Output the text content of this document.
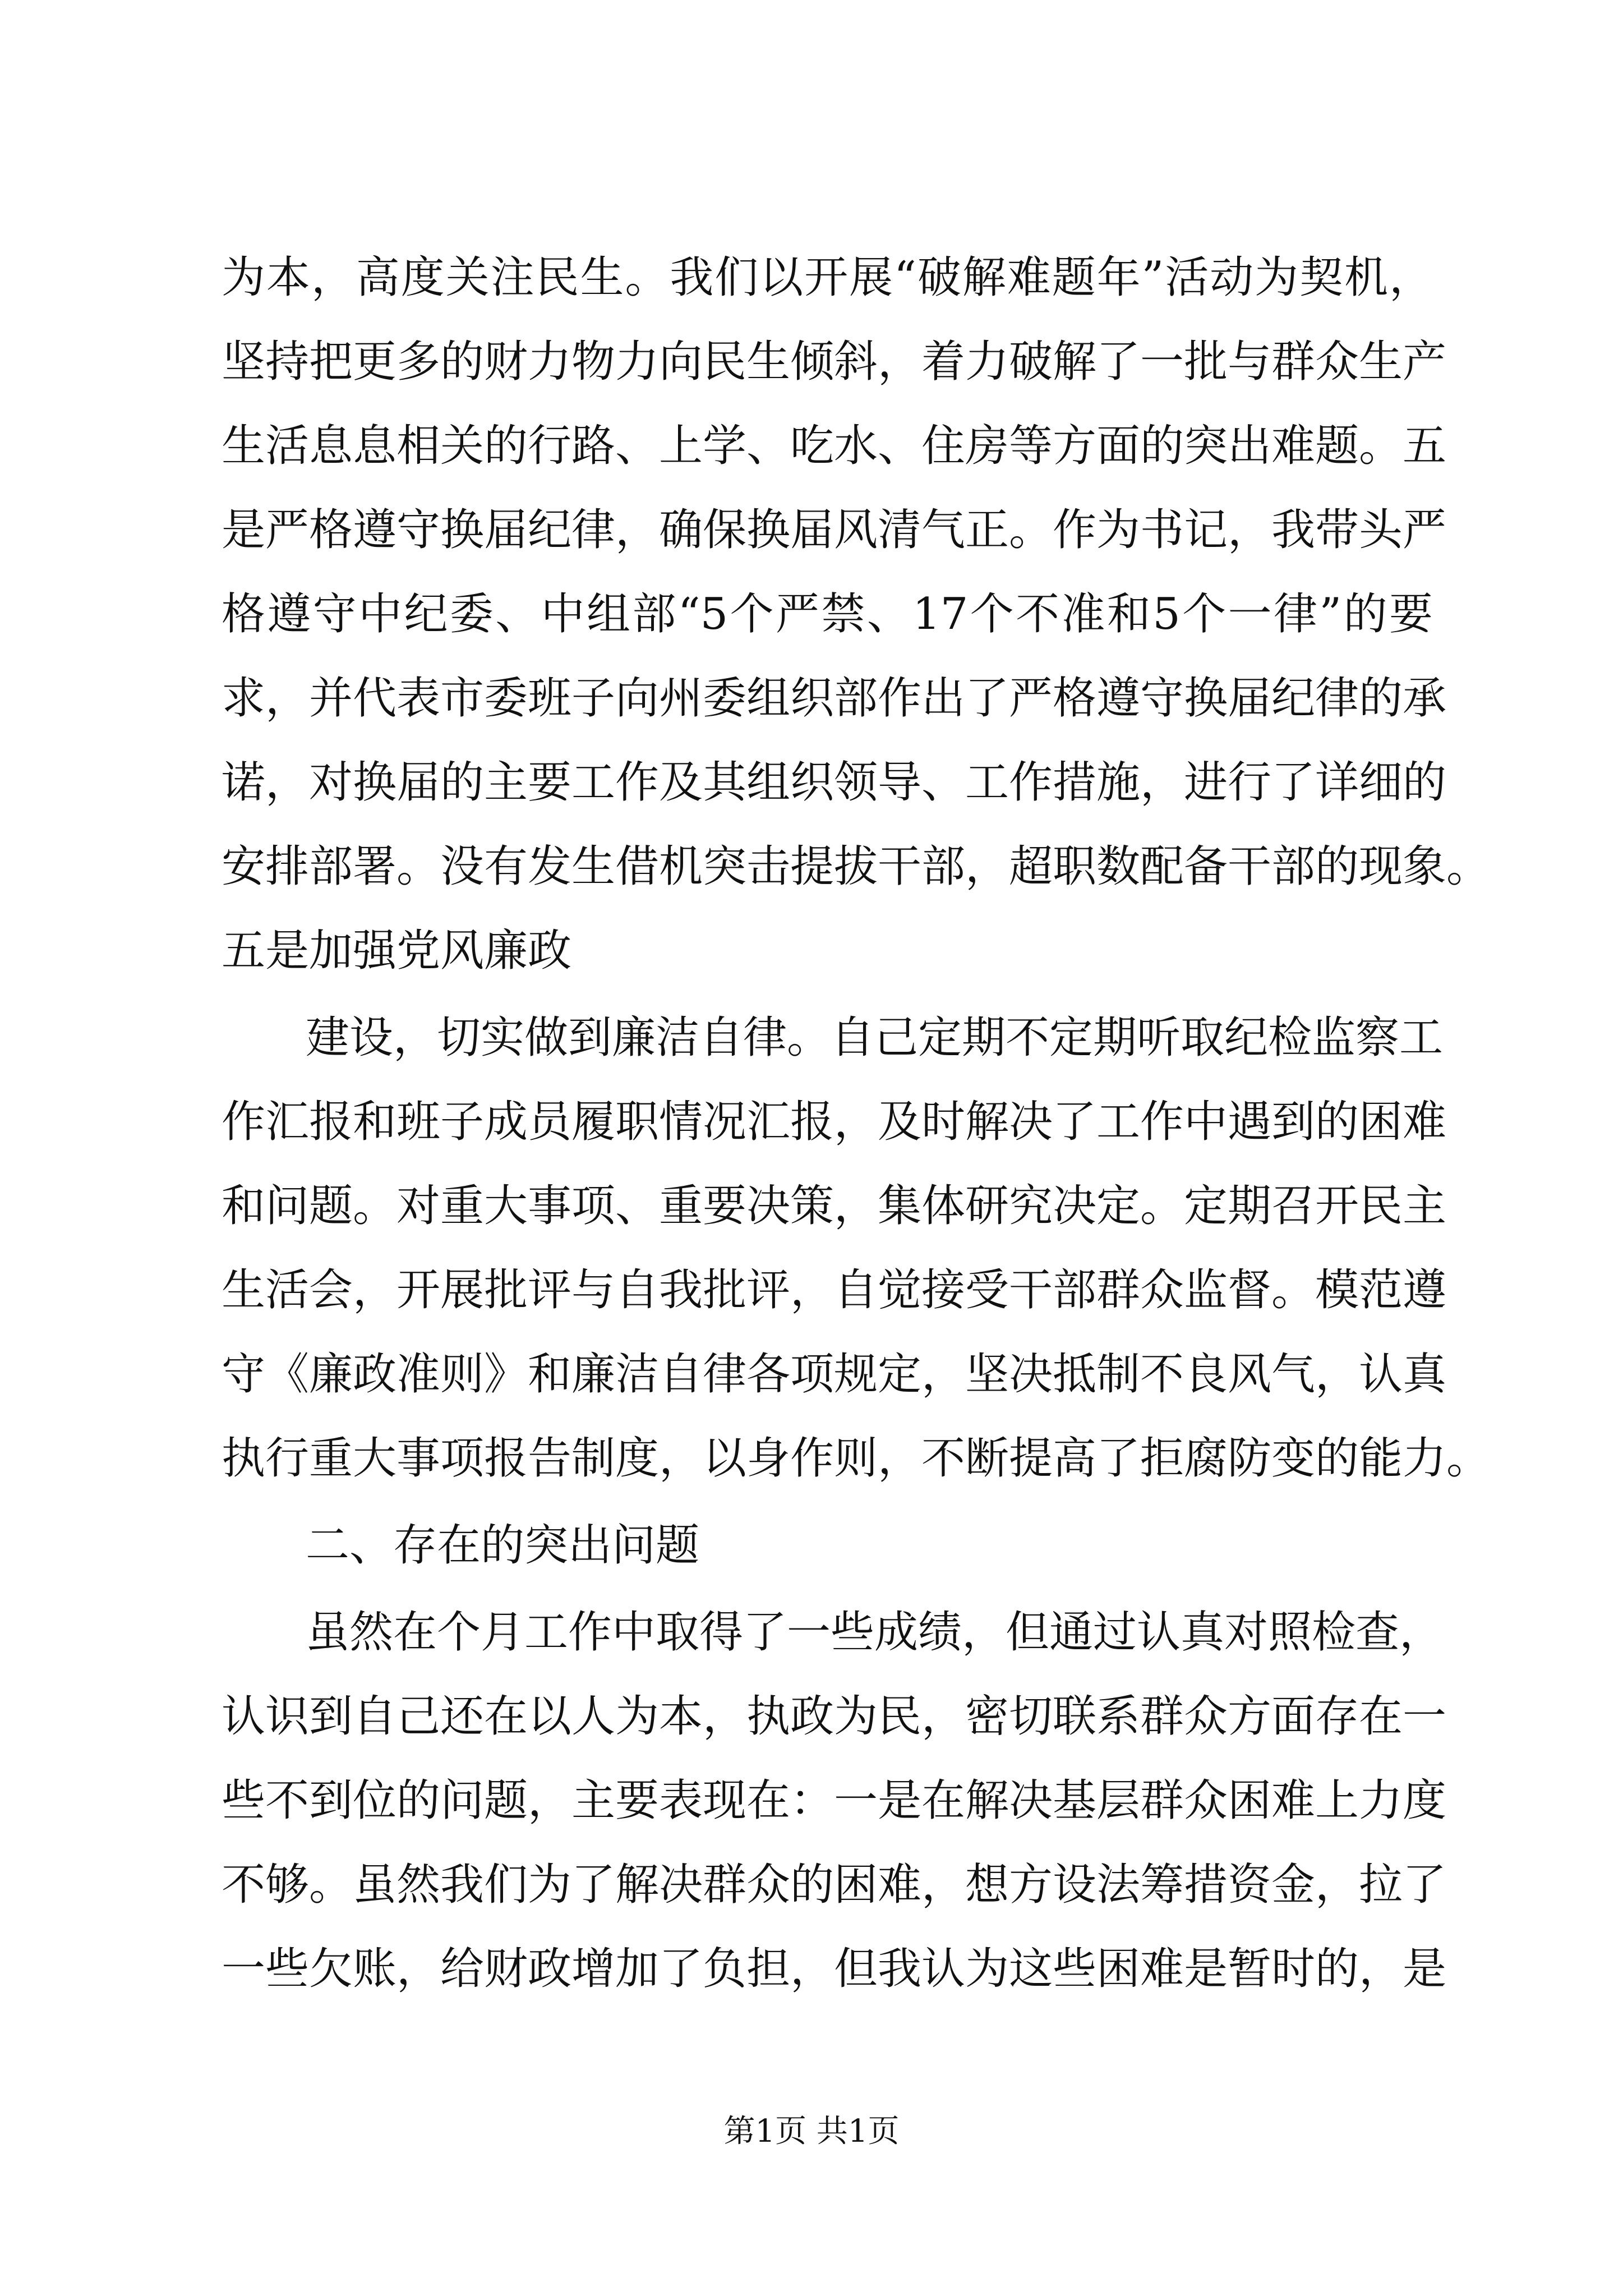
为本，高度关注民生。我们以开展“破解难题年”活动为契机，
坚持把更多的财力物力向民生倾斜，着力破解了一批与群众生产
生活息息相关的行路、上学、吃水、住房等方面的突出难题。五
是严格遵守换届纪律，确保换届风清气正。作为书记，我带头严
格遵守中纪委、中组部“5个严禁、17个不准和5个一律”的要
求，并代表市委班子向州委组织部作出了严格遵守换届纪律的承
诺，对换届的主要工作及其组织领导、工作措施，进行了详细的
安排部署。没有发生借机突击提拔干部，超职数配备干部的现象。
五是加强党风廉政
建设，切实做到廉洁自律。自己定期不定期听取纪检监察工
作汇报和班子成员履职情况汇报，及时解决了工作中遇到的困难
和问题。对重大事项、重要决策，集体研究决定。定期召开民主
生活会，开展批评与自我批评，自觉接受干部群众监督。模范遵
守《廉政准则》和廉洁自律各项规定，坚决抵制不良风气，认真
执行重大事项报告制度，以身作则，不断提高了拒腐防变的能力。
二、存在的突出问题
虽然在个月工作中取得了一些成绩，但通过认真对照检查，
认识到自己还在以人为本，执政为民，密切联系群众方面存在一
些不到位的问题，主要表现在：一是在解决基层群众困难上力度
不够。虽然我们为了解决群众的困难，想方设法筹措资金，拉了
一些欠账，给财政增加了负担，但我认为这些困难是暂时的，是
第1页 共1页
